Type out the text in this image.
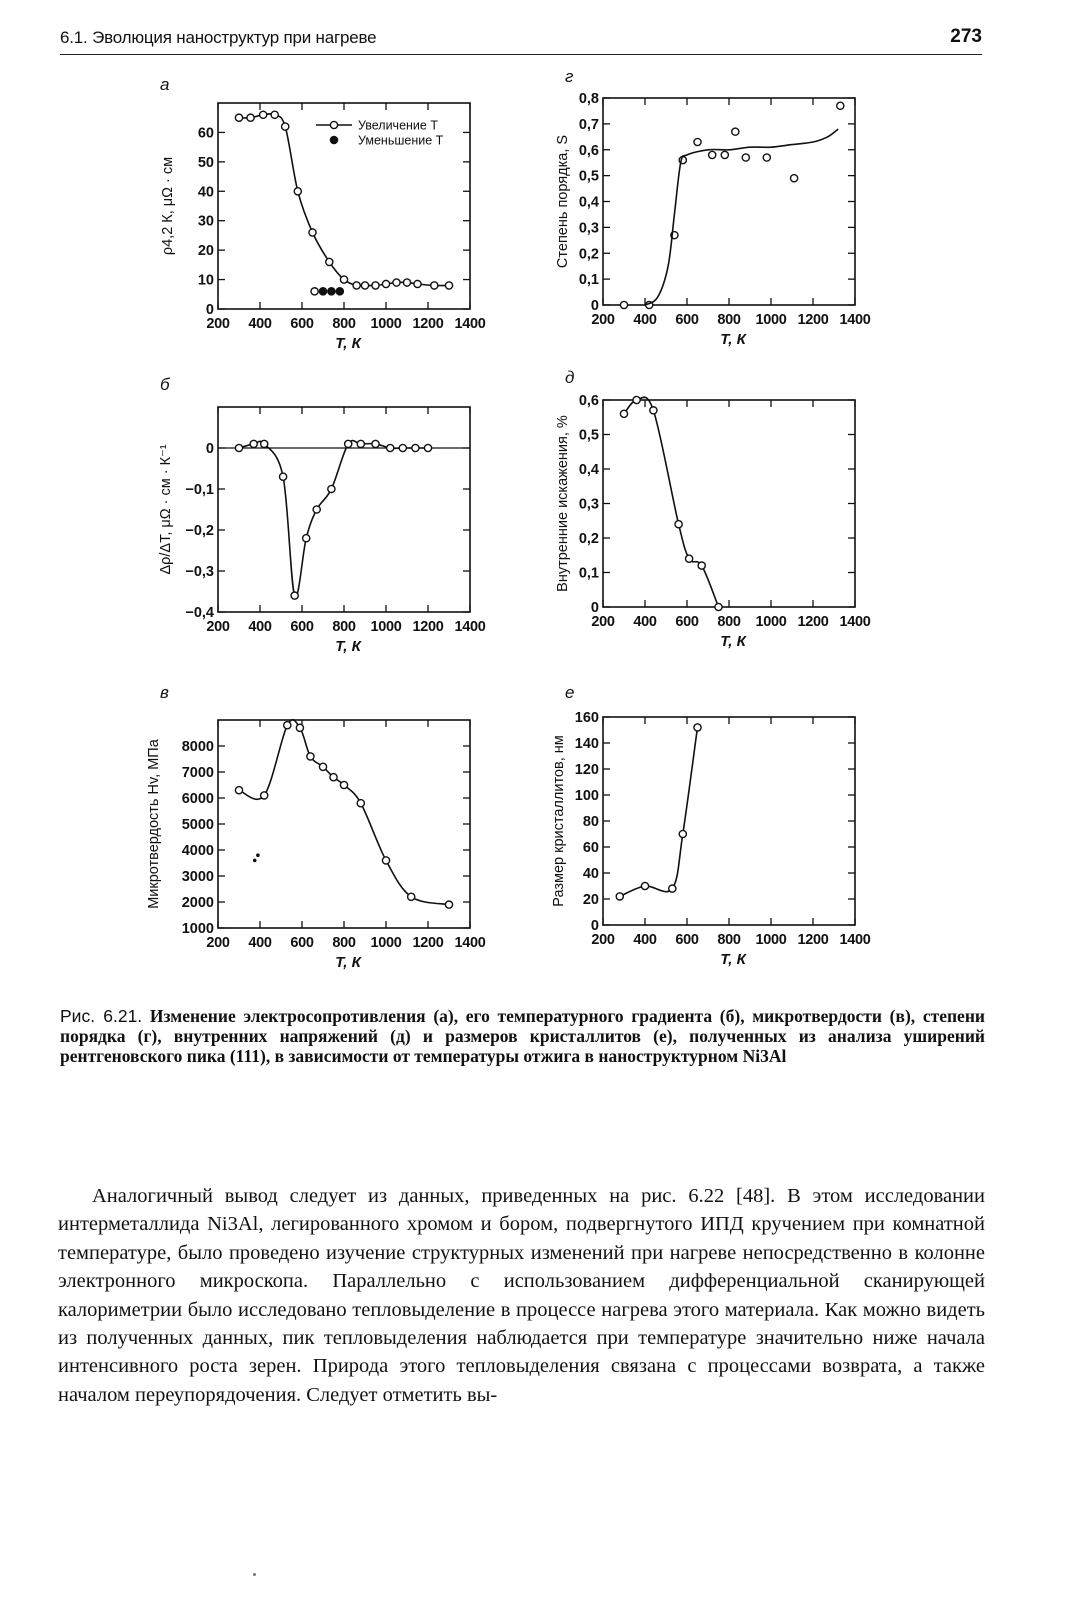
6.1. Эволюция наноструктур при нагреве	273
а
200 400 600 800 1000 1200 1400
0
10
20
30
40
50
60
T, К
ρ4,2 К, μΩ · см
Увеличение T
Уменьшение T
г
200 400 600 800 1000 1200 1400
0
0,1
0,2
0,3
0,4
0,5
0,6
0,7
0,8
T, К
Степень порядка, S
б
200 400 600 800 1000 1200 1400
−0,4
−0,3
−0,2
−0,1
0
T, К
Δρ/ΔT, μΩ · см · К⁻¹
д
200 400 600 800 1000 1200 1400
0
0,1
0,2
0,3
0,4
0,5
0,6
T, К
Внутренние искажения, %
в
200 400 600 800 1000 1200 1400
1000
2000
3000
4000
5000
6000
7000
8000
T, К
Микротвердость Hv, МПа
е
200 400 600 800 1000 1200 1400
0
20
40
60
80
100
120
140
160
T, К
Размер кристаллитов, нм
Рис. 6.21. Изменение электросопротивления (а), его температурного градиента (б), микротвердости (в), степени порядка (г), внутренних напряжений (д) и размеров кристаллитов (е), полученных из анализа уширений рентгеновского пика (111), в зависимости от температуры отжига в наноструктурном Ni3Al
Аналогичный вывод следует из данных, приведенных на рис. 6.22 [48]. В этом исследовании интерметаллида Ni3Al, легированного хромом и бором, подвергнутого ИПД кручением при комнатной температуре, было проведено изучение структурных изменений при нагреве непосредственно в колонне электронного микроскопа. Параллельно с использованием дифференциальной сканирующей калориметрии было исследовано тепловыделение в процессе нагрева этого материала. Как можно видеть из полученных данных, пик тепловыделения наблюдается при температуре значительно ниже начала интенсивного роста зерен. Природа этого тепловыделения связана с процессами возврата, а также началом переупорядочения. Следует отметить вы-
